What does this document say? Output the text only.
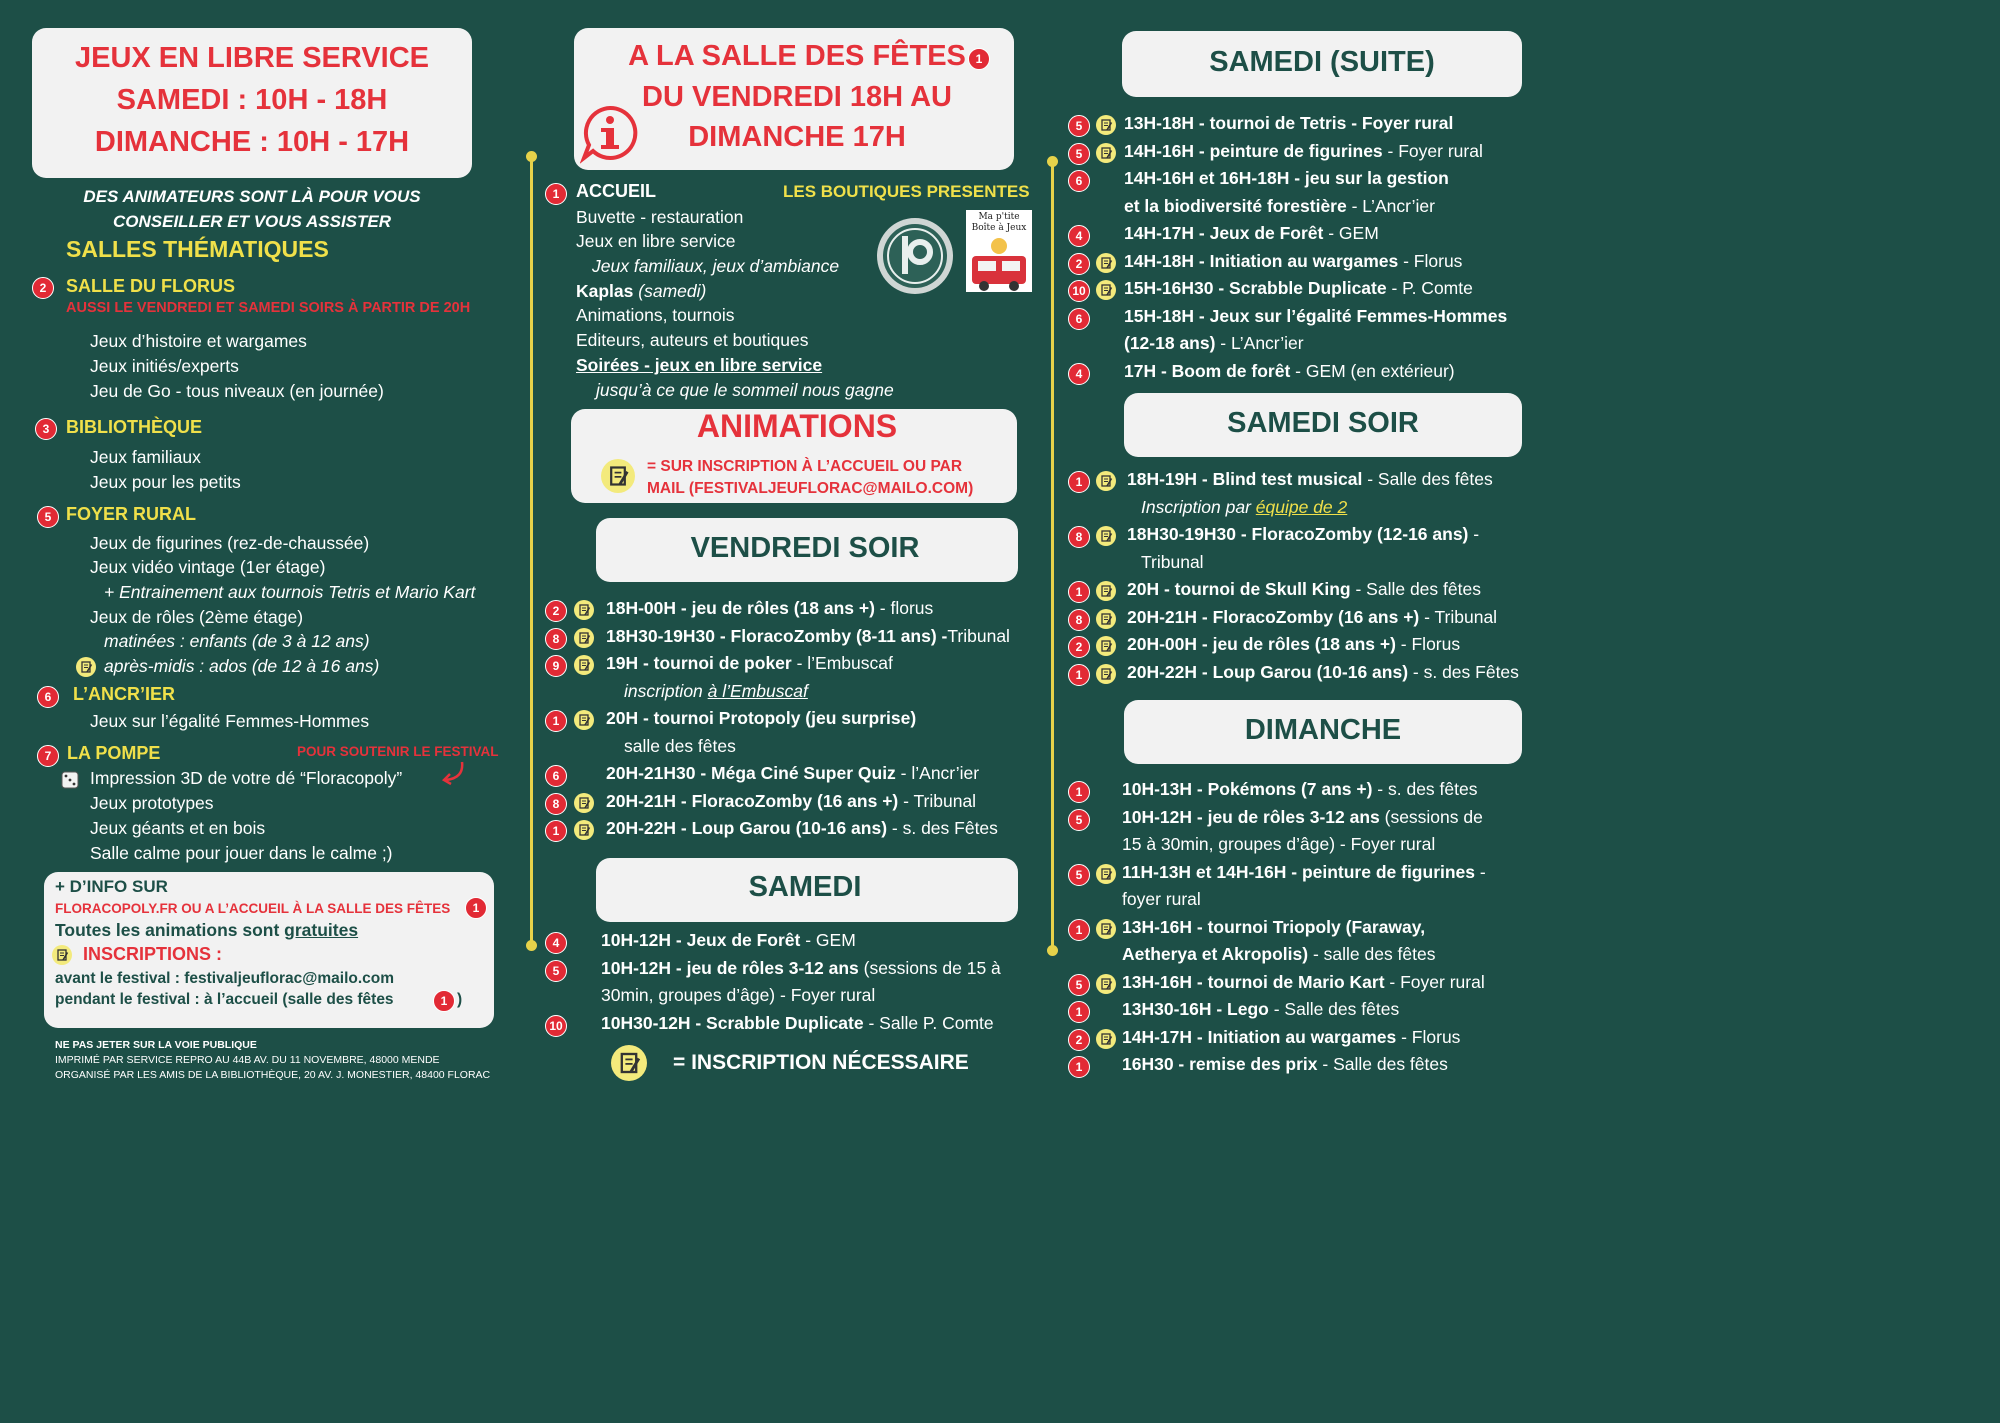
JEUX EN LIBRE SERVICE
SAMEDI : 10H - 18H
DIMANCHE : 10H - 17H
DES ANIMATEURS SONT LÀ POUR VOUS
CONSEILLER ET VOUS ASSISTER
SALLES THÉMATIQUES
2	SALLE DU FLORUS
AUSSI LE VENDREDI ET SAMEDI SOIRS À PARTIR DE 20H
Jeux d’histoire et wargames
Jeux initiés/experts
Jeu de Go - tous niveaux (en journée)
3 BIBLIOTHÈQUE
Jeux familiaux
Jeux pour les petits
5 FOYER RURAL
Jeux de figurines (rez-de-chaussée)
Jeux vidéo vintage (1er étage)
+ Entrainement aux tournois Tetris et Mario Kart
Jeux de rôles (2ème étage)
matinées : enfants (de 3 à 12 ans)
après-midis : ados (de 12 à 16 ans)
6	L’ANCR’IER
Jeux sur l’égalité Femmes-Hommes
7 LA POMPE	POUR SOUTENIR LE FESTIVAL
Impression 3D de votre dé “Floracopoly”
Jeux prototypes
Jeux géants et en bois
Salle calme pour jouer dans le calme ;)
+ D’INFO SUR
FLORACOPOLY.FR OU A L’ACCUEIL À LA SALLE DES FÊTES	1
Toutes les animations sont gratuites
INSCRIPTIONS :
avant le festival : festivaljeuflorac@mailo.com
pendant le festival : à l’accueil (salle des fêtes	1 )
NE PAS JETER SUR LA VOIE PUBLIQUE
IMPRIMÉ PAR SERVICE REPRO AU 44B AV. DU 11 NOVEMBRE, 48000 MENDE
ORGANISÉ PAR LES AMIS DE LA BIBLIOTHÈQUE, 20 AV. J. MONESTIER, 48400 FLORAC
A LA SALLE DES FÊTES 1
DU VENDREDI 18H AU
DIMANCHE 17H
1 ACCUEIL	LES BOUTIQUES PRESENTES
Ma p'tite
Boîte à Jeux
Buvette - restauration
Jeux en libre service
Jeux familiaux, jeux d’ambiance
Kaplas (samedi)
Animations, tournois
Editeurs, auteurs et boutiques
Soirées - jeux en libre service
jusqu’à ce que le sommeil nous gagne
ANIMATIONS
= SUR INSCRIPTION À L’ACCUEIL OU PAR
MAIL (FESTIVALJEUFLORAC@MAILO.COM)
VENDREDI SOIR
2	18H-00H - jeu de rôles (18 ans +) - florus
8	18H30-19H30 - FloracoZomby (8-11 ans) -Tribunal
9	19H - tournoi de poker - l’Embuscaf
inscription à l’Embuscaf
1	20H - tournoi Protopoly (jeu surprise)
salle des fêtes
6	20H-21H30 - Méga Ciné Super Quiz - l’Ancr’ier
8	20H-21H - FloracoZomby (16 ans +) - Tribunal
1	20H-22H - Loup Garou (10-16 ans) - s. des Fêtes
SAMEDI
4	10H-12H - Jeux de Forêt - GEM
5	10H-12H - jeu de rôles 3-12 ans (sessions de 15 à
30min, groupes d’âge) - Foyer rural
10 10H30-12H - Scrabble Duplicate - Salle P. Comte
= INSCRIPTION NÉCESSAIRE
SAMEDI (SUITE)
5	13H-18H - tournoi de Tetris - Foyer rural
5	14H-16H - peinture de figurines - Foyer rural
6	14H-16H et 16H-18H - jeu sur la gestion
et la biodiversité forestière - L’Ancr’ier
4	14H-17H - Jeux de Forêt - GEM
2	14H-18H - Initiation au wargames - Florus
10 15H-16H30 - Scrabble Duplicate - P. Comte
6	15H-18H - Jeux sur l’égalité Femmes-Hommes
(12-18 ans) - L’Ancr’ier
4	17H - Boom de forêt - GEM (en extérieur)
SAMEDI SOIR
1	18H-19H - Blind test musical - Salle des fêtes
Inscription par équipe de 2
8	18H30-19H30 - FloracoZomby (12-16 ans) -
Tribunal
1	20H - tournoi de Skull King - Salle des fêtes
8	20H-21H - FloracoZomby (16 ans +) - Tribunal
2	20H-00H - jeu de rôles (18 ans +) - Florus
1	20H-22H - Loup Garou (10-16 ans) - s. des Fêtes
DIMANCHE
1	10H-13H - Pokémons (7 ans +) - s. des fêtes
5	10H-12H - jeu de rôles 3-12 ans (sessions de
15 à 30min, groupes d’âge) - Foyer rural
5	11H-13H et 14H-16H - peinture de figurines -
foyer rural
1	13H-16H - tournoi Triopoly (Faraway,
Aetherya et Akropolis) - salle des fêtes
5	13H-16H - tournoi de Mario Kart - Foyer rural
1	13H30-16H - Lego - Salle des fêtes
2	14H-17H - Initiation au wargames - Florus
1	16H30 - remise des prix - Salle des fêtes
